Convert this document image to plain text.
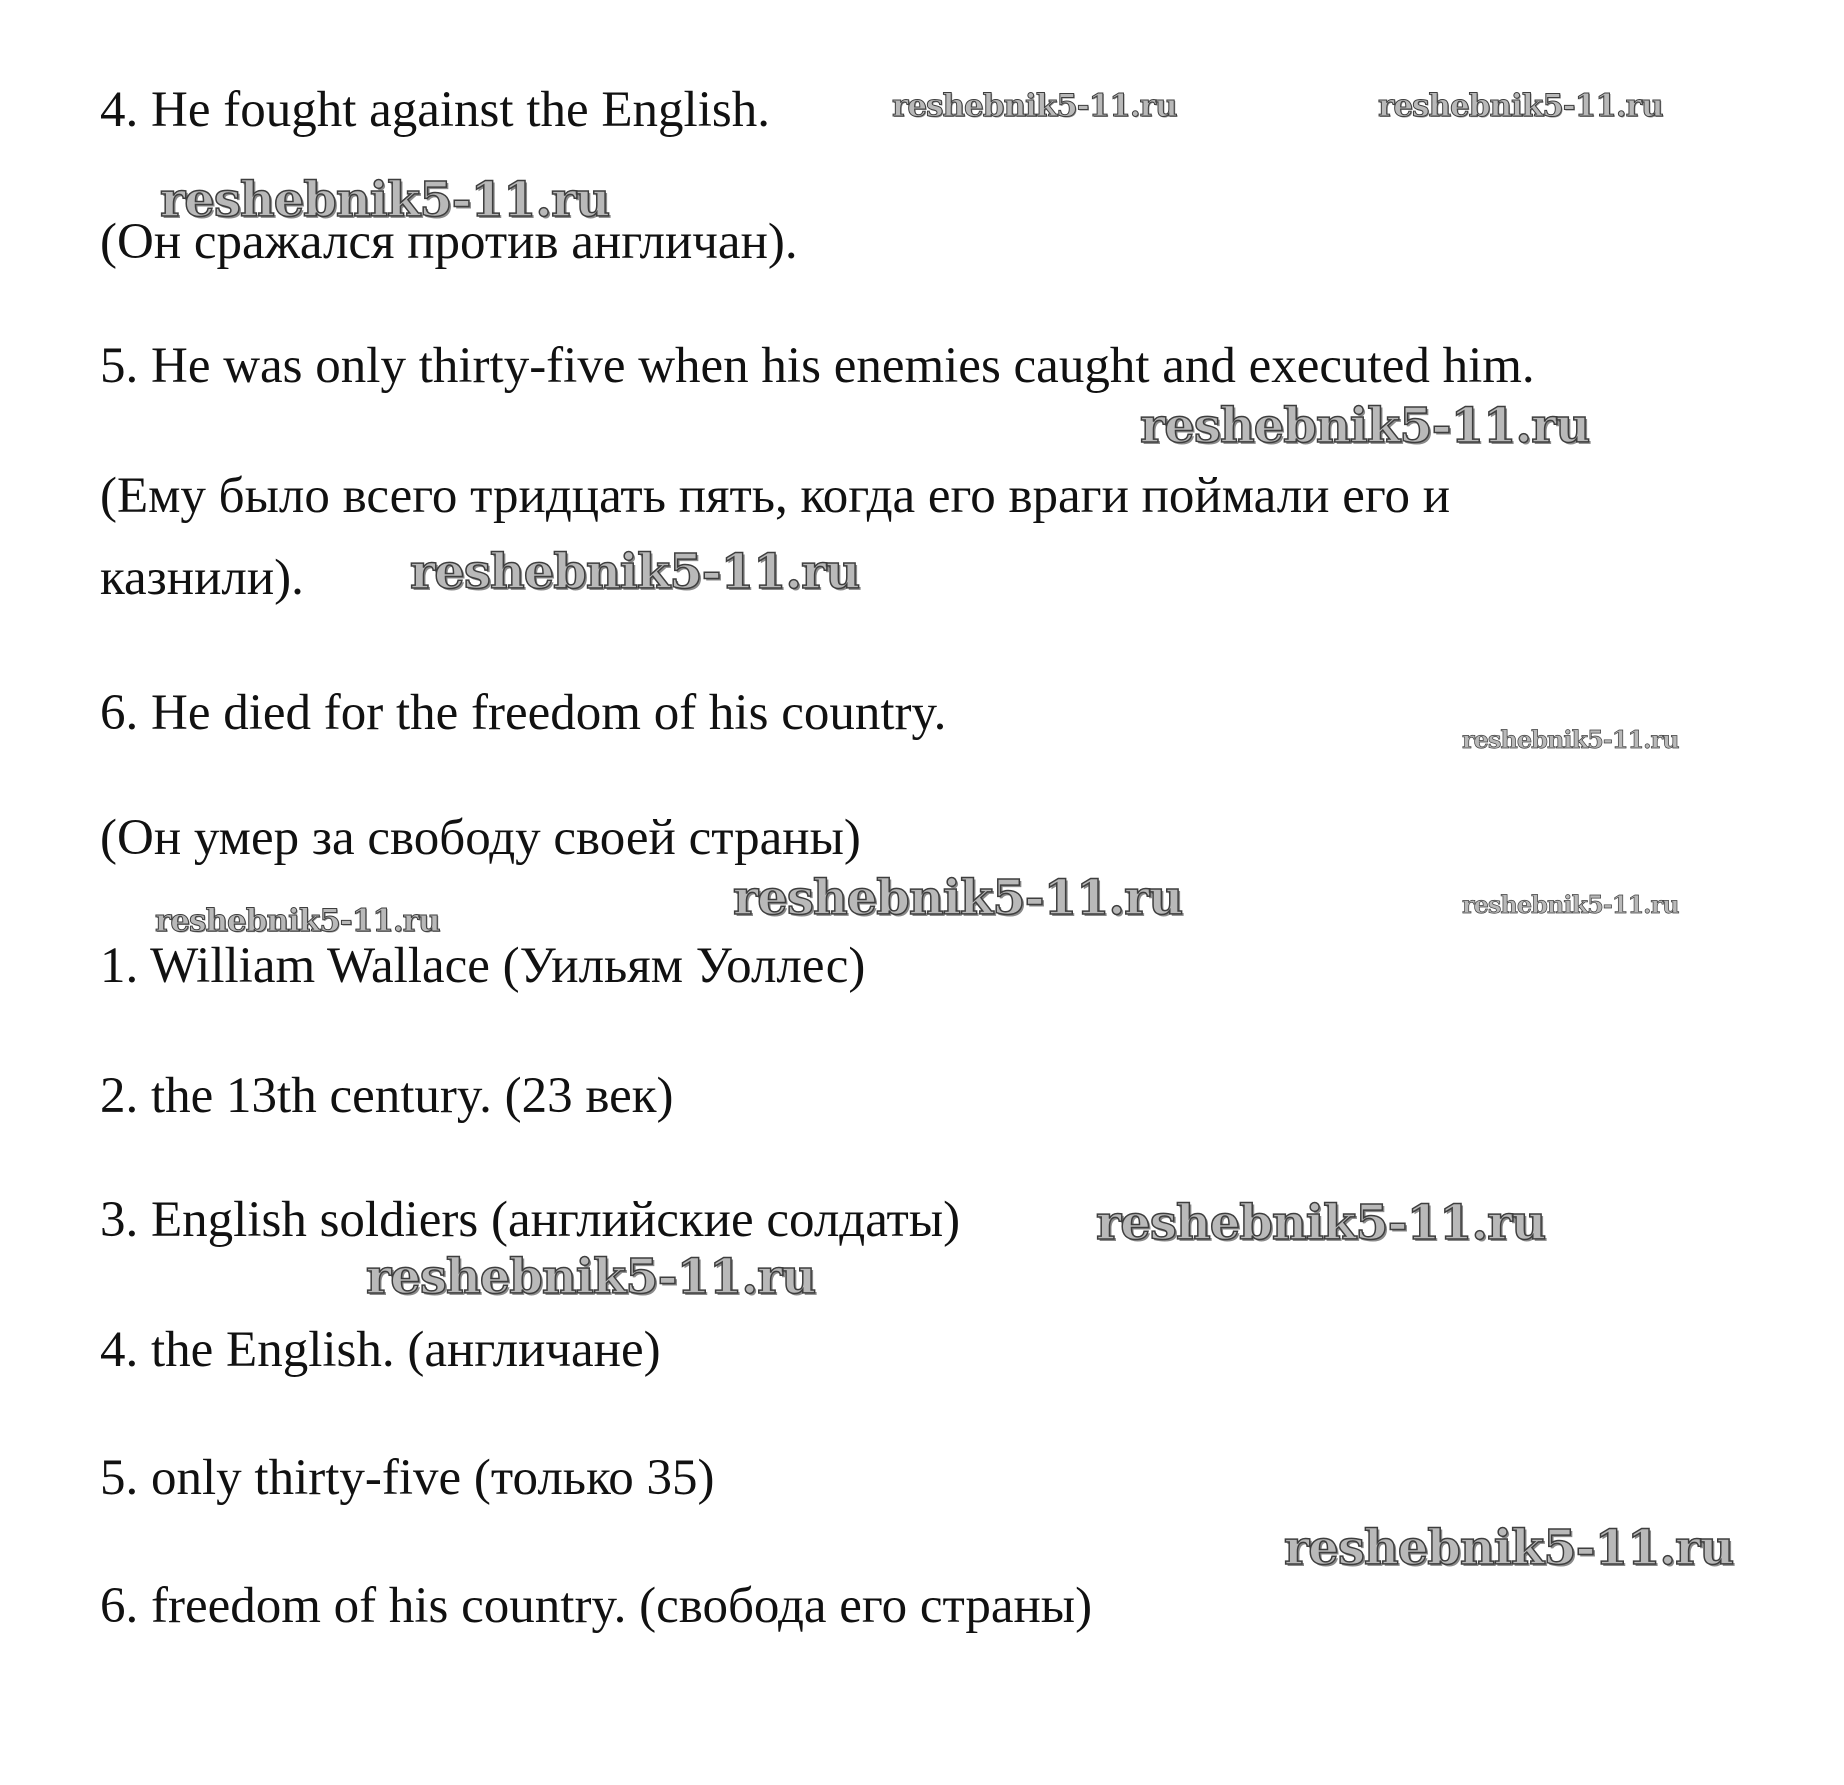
4. He fought against the English.

(Он сражался против англичан).

5. He was only thirty-five when his enemies caught and executed him.

(Ему было всего тридцать пять, когда его враги поймали его и

казнили).

6. He died for the freedom of his country.

(Он умер за свободу своей страны)

1. William Wallace (Уильям Уоллес)

2. the 13th century. (23 век)

3. English soldiers (английские солдаты)

4. the English. (англичане)

5. only thirty-five (только 35)

6. freedom of his country. (свобода его страны)

reshebnik5-11.ru	reshebnik5-11.ru
reshebnik5-11.ru
reshebnik5-11.ru
reshebnik5-11.ru
reshebnik5-11.ru
reshebnik5-11.ru
reshebnik5-11.ru	reshebnik5-11.ru
reshebnik5-11.ru
reshebnik5-11.ru
reshebnik5-11.ru
